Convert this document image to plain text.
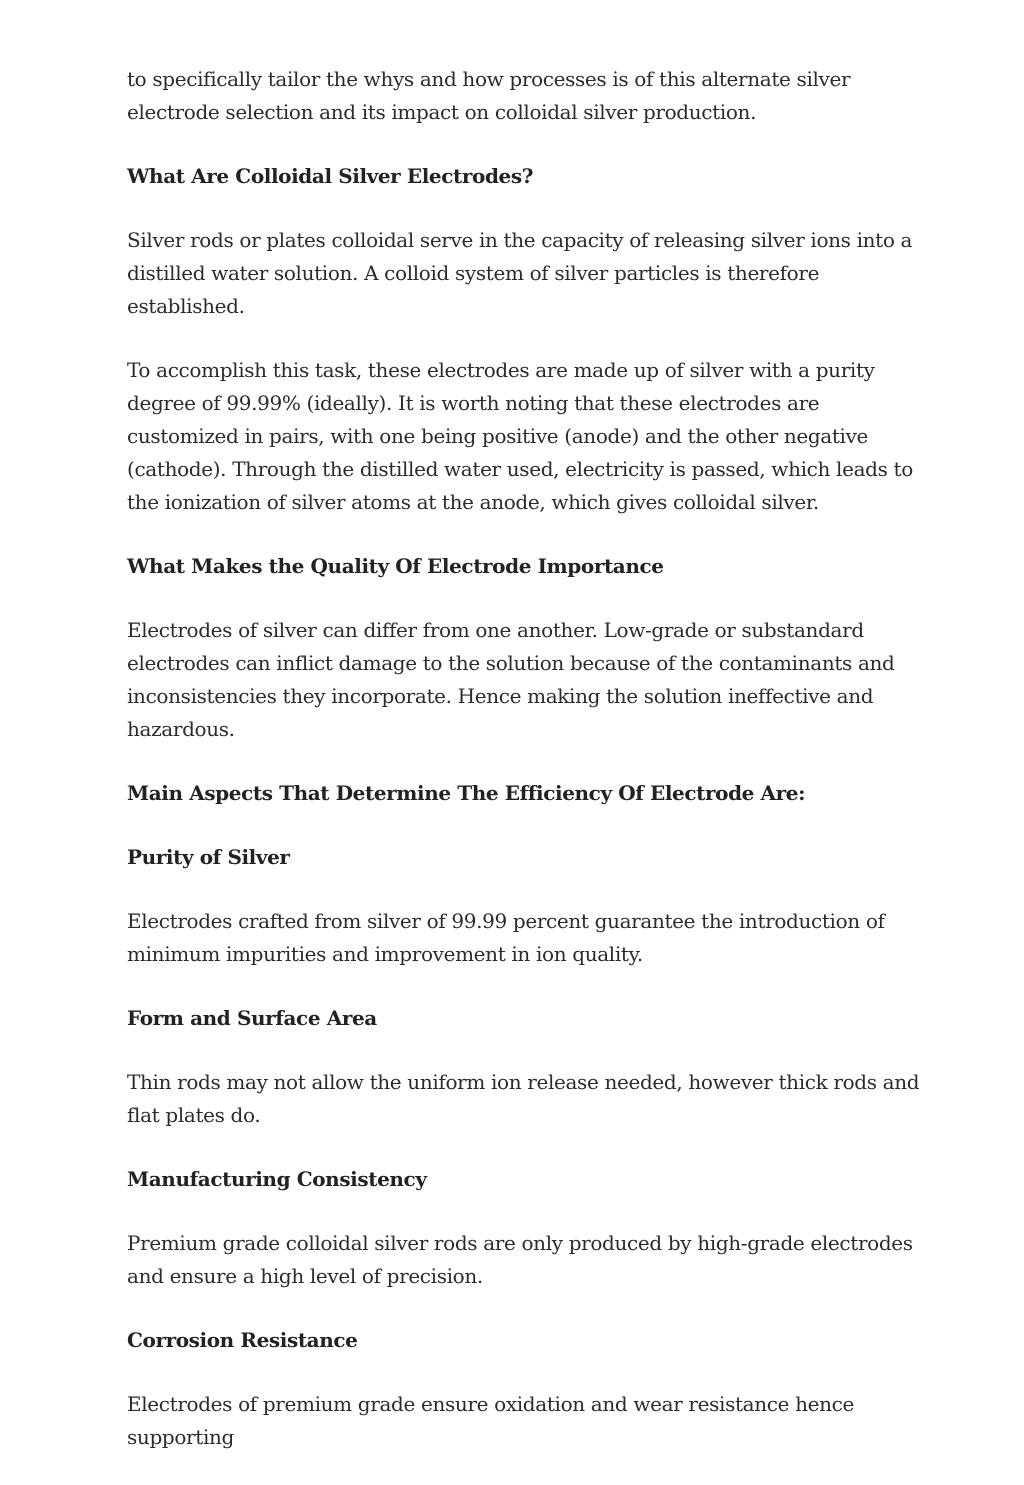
to specifically tailor the whys and how processes is of this alternate silver electrode selection and its impact on colloidal silver production.

What Are Colloidal Silver Electrodes?

Silver rods or plates colloidal serve in the capacity of releasing silver ions into a distilled water solution. A colloid system of silver particles is therefore established.

To accomplish this task, these electrodes are made up of silver with a purity degree of 99.99% (ideally). It is worth noting that these electrodes are customized in pairs, with one being positive (anode) and the other negative (cathode). Through the distilled water used, electricity is passed, which leads to the ionization of silver atoms at the anode, which gives colloidal silver.

What Makes the Quality Of Electrode Importance

Electrodes of silver can differ from one another. Low-grade or substandard electrodes can inflict damage to the solution because of the contaminants and inconsistencies they incorporate. Hence making the solution ineffective and hazardous.

Main Aspects That Determine The Efficiency Of Electrode Are:
Purity of Silver

Electrodes crafted from silver of 99.99 percent guarantee the introduction of minimum impurities and improvement in ion quality.

Form and Surface Area

Thin rods may not allow the uniform ion release needed, however thick rods and flat plates do.

Manufacturing Consistency

Premium grade colloidal silver rods are only produced by high-grade electrodes and ensure a high level of precision.

Corrosion Resistance

Electrodes of premium grade ensure oxidation and wear resistance hence supporting
